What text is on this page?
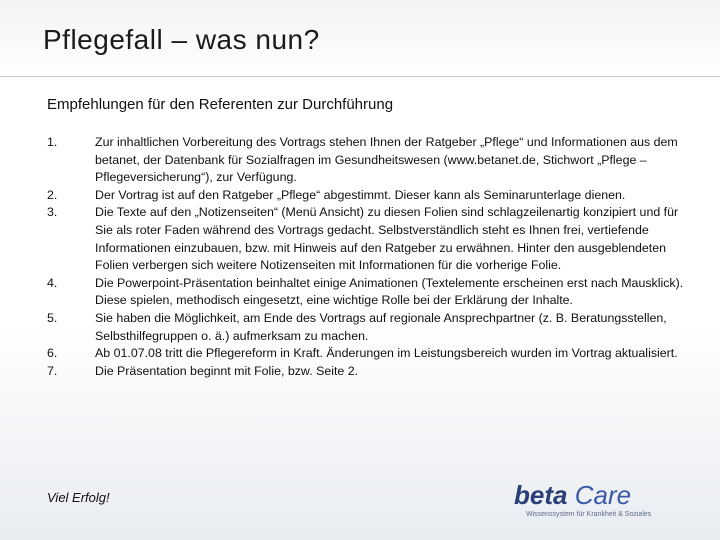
Pflegefall – was nun?
Empfehlungen für den Referenten zur Durchführung
1.	Zur inhaltlichen Vorbereitung des Vortrags stehen Ihnen der Ratgeber „Pflege“ und Informationen aus dem betanet, der Datenbank für Sozialfragen im Gesundheitswesen (www.betanet.de, Stichwort „Pflege – Pflegeversicherung“), zur Verfügung.
2.	Der Vortrag ist auf den Ratgeber „Pflege“ abgestimmt. Dieser kann als Seminarunterlage dienen.
3.	Die Texte auf den „Notizenseiten“ (Menü Ansicht) zu diesen Folien sind schlagzeilenartig konzipiert und für Sie als roter Faden während des Vortrags gedacht. Selbstverständlich steht es Ihnen frei, vertiefende Informationen einzubauen, bzw. mit Hinweis auf den Ratgeber zu erwähnen. Hinter den ausgeblendeten Folien verbergen sich weitere Notizenseiten mit Informationen für die vorherige Folie.
4.	Die Powerpoint-Präsentation beinhaltet einige Animationen (Textelemente erscheinen erst nach Mausklick). Diese spielen, methodisch eingesetzt, eine wichtige Rolle bei der Erklärung der Inhalte.
5.	Sie haben die Möglichkeit, am Ende des Vortrags auf regionale Ansprechpartner (z. B. Beratungsstellen, Selbsthilfegruppen o. ä.) aufmerksam zu machen.
6.	Ab 01.07.08 tritt die Pflegereform in Kraft. Änderungen im Leistungsbereich wurden im Vortrag aktualisiert.
7.	Die Präsentation beginnt mit Folie, bzw. Seite 2.
Viel Erfolg!	beta Care
Wissenssystem für Krankheit & Soziales
